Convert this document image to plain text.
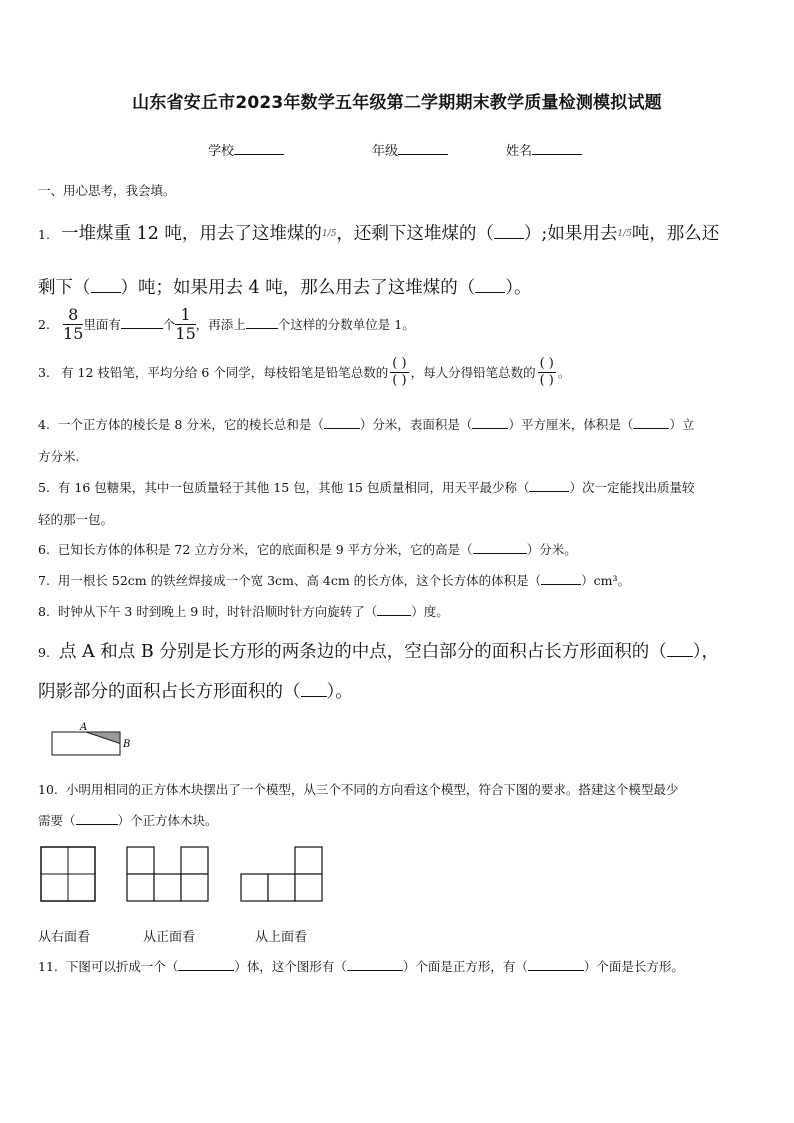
山东省安丘市2023年数学五年级第二学期期末教学质量检测模拟试题
学校	年级	姓名
一、用心思考，我会填。
1. 一堆煤重 12 吨，用去了这堆煤的1/5，还剩下这堆煤的（ ）;如果用去1/5吨，那么还
剩下（ ）吨；如果用去 4 吨，那么用去了这堆煤的（ ）。
2. $\frac{8}{15}$ 里面有	个 $\frac{1}{15}$ ，再添上	个这样的分数单位是 1。
3. 有 12 枝铅笔，平均分给 6 个同学，每枝铅笔是铅笔总数的
( )
( )
，每人分得铅笔总数的
( )
( )
。
4. 一个正方体的棱长是 8 分米，它的棱长总和是（	）分米，表面积是（	）平方厘米，体积是（	）立
方分米.
5. 有 16 包糖果，其中一包质量轻于其他 15 包，其他 15 包质量相同，用天平最少称（	）次一定能找出质量较
轻的那一包。
6. 已知长方体的体积是 72 立方分米，它的底面积是 9 平方分米，它的高是（	）分米。
7. 用一根长 52cm 的铁丝焊接成一个宽 3cm、高 4cm 的长方体，这个长方体的体积是（	）cm³。
8. 时钟从下午 3 时到晚上 9 时，时针沿顺时针方向旋转了（	）度。
9. 点 A 和点 B 分别是长方形的两条边的中点，空白部分的面积占长方形面积的（ ），
阴影部分的面积占长方形面积的（ ）。
A
B
10. 小明用相同的正方体木块摆出了一个模型，从三个不同的方向看这个模型，符合下图的要求。搭建这个模型最少
需要（	）个正方体木块。
从右面看	从正面看	从上面看
11. 下图可以折成一个（	）体，这个图形有（	）个面是正方形，有（	）个面是长方形。
